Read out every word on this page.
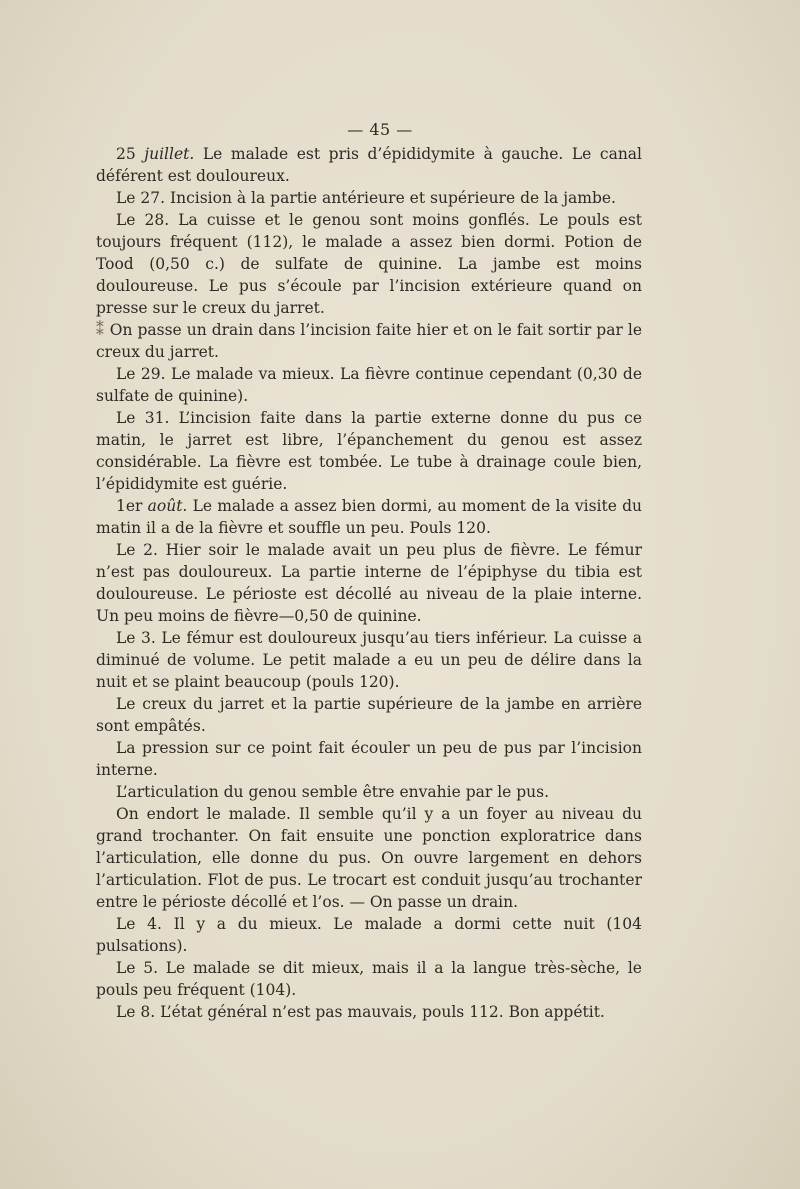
— 45 —

25 juillet. Le malade est pris d’épididymite à gauche. Le canal déférent est douloureux.

Le 27. Incision à la partie antérieure et supérieure de la jambe.

Le 28. La cuisse et le genou sont moins gonflés. Le pouls est toujours fréquent (112), le malade a assez bien dormi. Potion de Tood (0,50 c.) de sulfate de quinine. La jambe est moins douloureuse. Le pus s’écoule par l’incision extérieure quand on presse sur le creux du jarret.

⁑ On passe un drain dans l’incision faite hier et on le fait sortir par le creux du jarret.

Le 29. Le malade va mieux. La fièvre continue cependant (0,30 de sulfate de quinine).

Le 31. L’incision faite dans la partie externe donne du pus ce matin, le jarret est libre, l’épanchement du genou est assez considérable. La fièvre est tombée. Le tube à drainage coule bien, l’épididymite est guérie.

1er août. Le malade a assez bien dormi, au moment de la visite du matin il a de la fièvre et souffle un peu. Pouls 120.

Le 2. Hier soir le malade avait un peu plus de fièvre. Le fémur n’est pas douloureux. La partie interne de l’épiphyse du tibia est douloureuse. Le périoste est décollé au niveau de la plaie interne. Un peu moins de fièvre—0,50 de quinine.

Le 3. Le fémur est douloureux jusqu’au tiers inférieur. La cuisse a diminué de volume. Le petit malade a eu un peu de délire dans la nuit et se plaint beaucoup (pouls 120).

Le creux du jarret et la partie supérieure de la jambe en arrière sont empâtés.

La pression sur ce point fait écouler un peu de pus par l’incision interne.

L’articulation du genou semble être envahie par le pus.

On endort le malade. Il semble qu’il y a un foyer au niveau du grand trochanter. On fait ensuite une ponction exploratrice dans l’articulation, elle donne du pus. On ouvre largement en dehors l’articulation. Flot de pus. Le trocart est conduit jusqu’au trochanter entre le périoste décollé et l’os. — On passe un drain.

Le 4. Il y a du mieux. Le malade a dormi cette nuit (104 pulsations).

Le 5. Le malade se dit mieux, mais il a la langue très-sèche, le pouls peu fréquent (104).

Le 8. L’état général n’est pas mauvais, pouls 112. Bon appétit.
